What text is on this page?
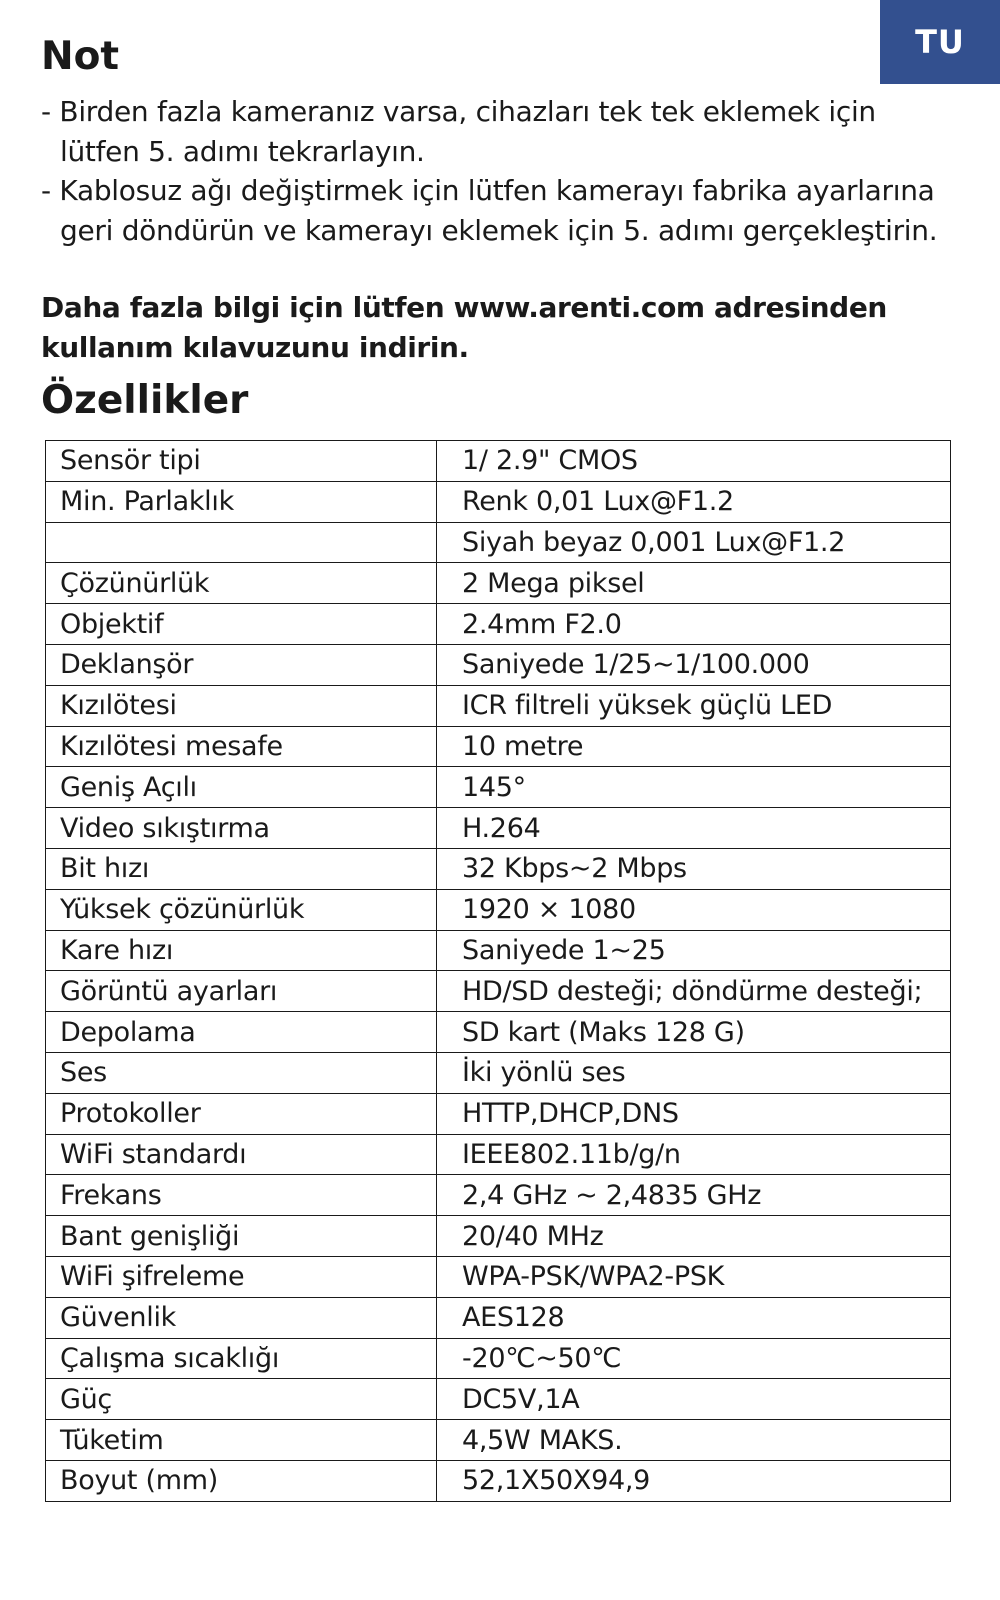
TU
Not
- Birden fazla kameranız varsa, cihazları tek tek eklemek için lütfen 5. adımı tekrarlayın.
- Kablosuz ağı değiştirmek için lütfen kamerayı fabrika ayarlarına geri döndürün ve kamerayı eklemek için 5. adımı gerçekleştirin.

Daha fazla bilgi için lütfen www.arenti.com adresinden kullanım kılavuzunu indirin.

Özellikler
Sensör tipi	1/ 2.9" CMOS
Min. Parlaklık	Renk 0,01 Lux@F1.2
	Siyah beyaz 0,001 Lux@F1.2
Çözünürlük	2 Mega piksel
Objektif	2.4mm F2.0
Deklanşör	Saniyede 1/25~1/100.000
Kızılötesi	ICR filtreli yüksek güçlü LED
Kızılötesi mesafe	10 metre
Geniş Açılı	145°
Video sıkıştırma	H.264
Bit hızı	32 Kbps~2 Mbps
Yüksek çözünürlük	1920 × 1080
Kare hızı	Saniyede 1~25
Görüntü ayarları	HD/SD desteği; döndürme desteği;
Depolama	SD kart (Maks 128 G)
Ses	İki yönlü ses
Protokoller	HTTP,DHCP,DNS
WiFi standardı	IEEE802.11b/g/n
Frekans	2,4 GHz ~ 2,4835 GHz
Bant genişliği	20/40 MHz
WiFi şifreleme	WPA-PSK/WPA2-PSK
Güvenlik	AES128
Çalışma sıcaklığı	-20℃~50℃
Güç	DC5V,1A
Tüketim	4,5W MAKS.
Boyut (mm)	52,1X50X94,9
